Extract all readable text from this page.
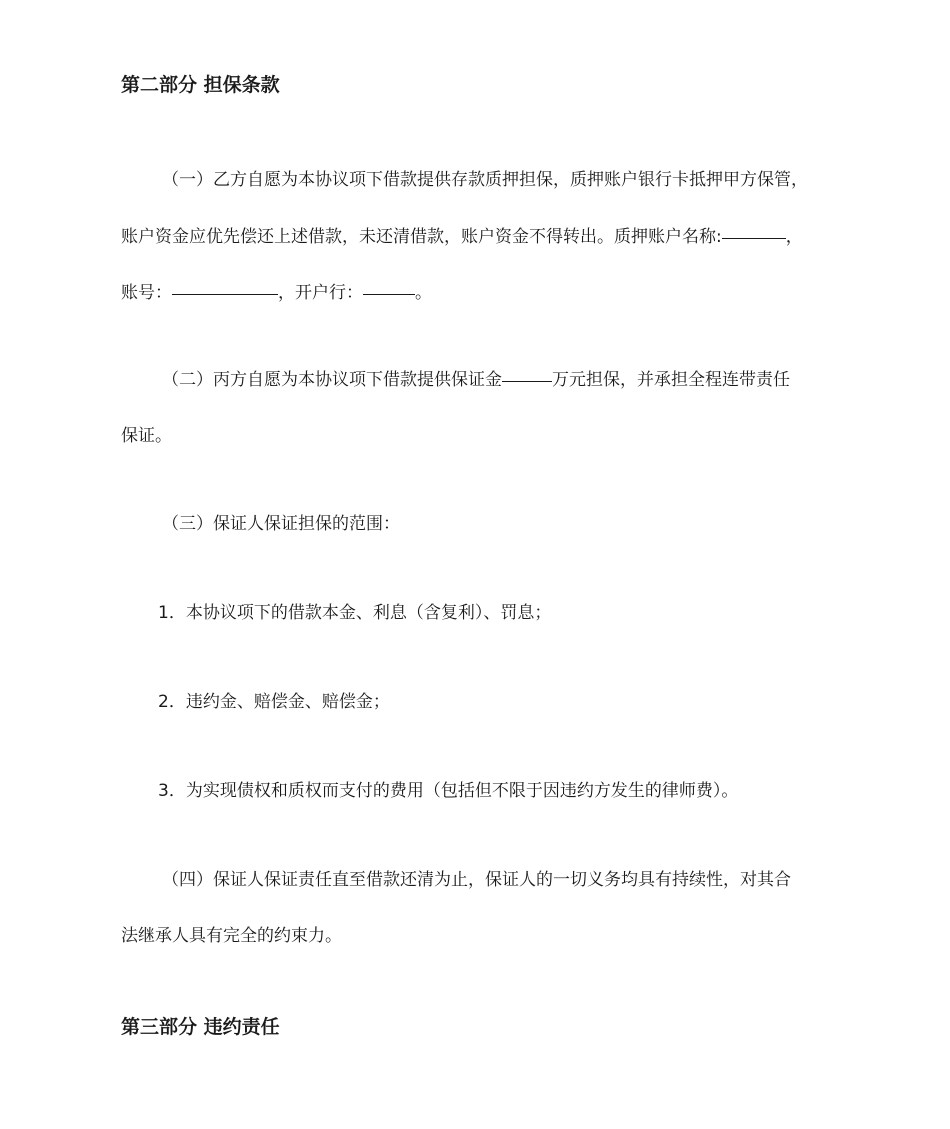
第二部分 担保条款

（一）乙方自愿为本协议项下借款提供存款质押担保，质押账户银行卡抵押甲方保管，

账户资金应优先偿还上述借款，未还清借款，账户资金不得转出。质押账户名称:	，

账号：	，开户行：	。

（二）丙方自愿为本协议项下借款提供保证金	万元担保，并承担全程连带责任

保证。

（三）保证人保证担保的范围：

1．本协议项下的借款本金、利息（含复利）、罚息；

2．违约金、赔偿金、赔偿金；

3．为实现债权和质权而支付的费用（包括但不限于因违约方发生的律师费）。

（四）保证人保证责任直至借款还清为止，保证人的一切义务均具有持续性，对其合

法继承人具有完全的约束力。

第三部分 违约责任
